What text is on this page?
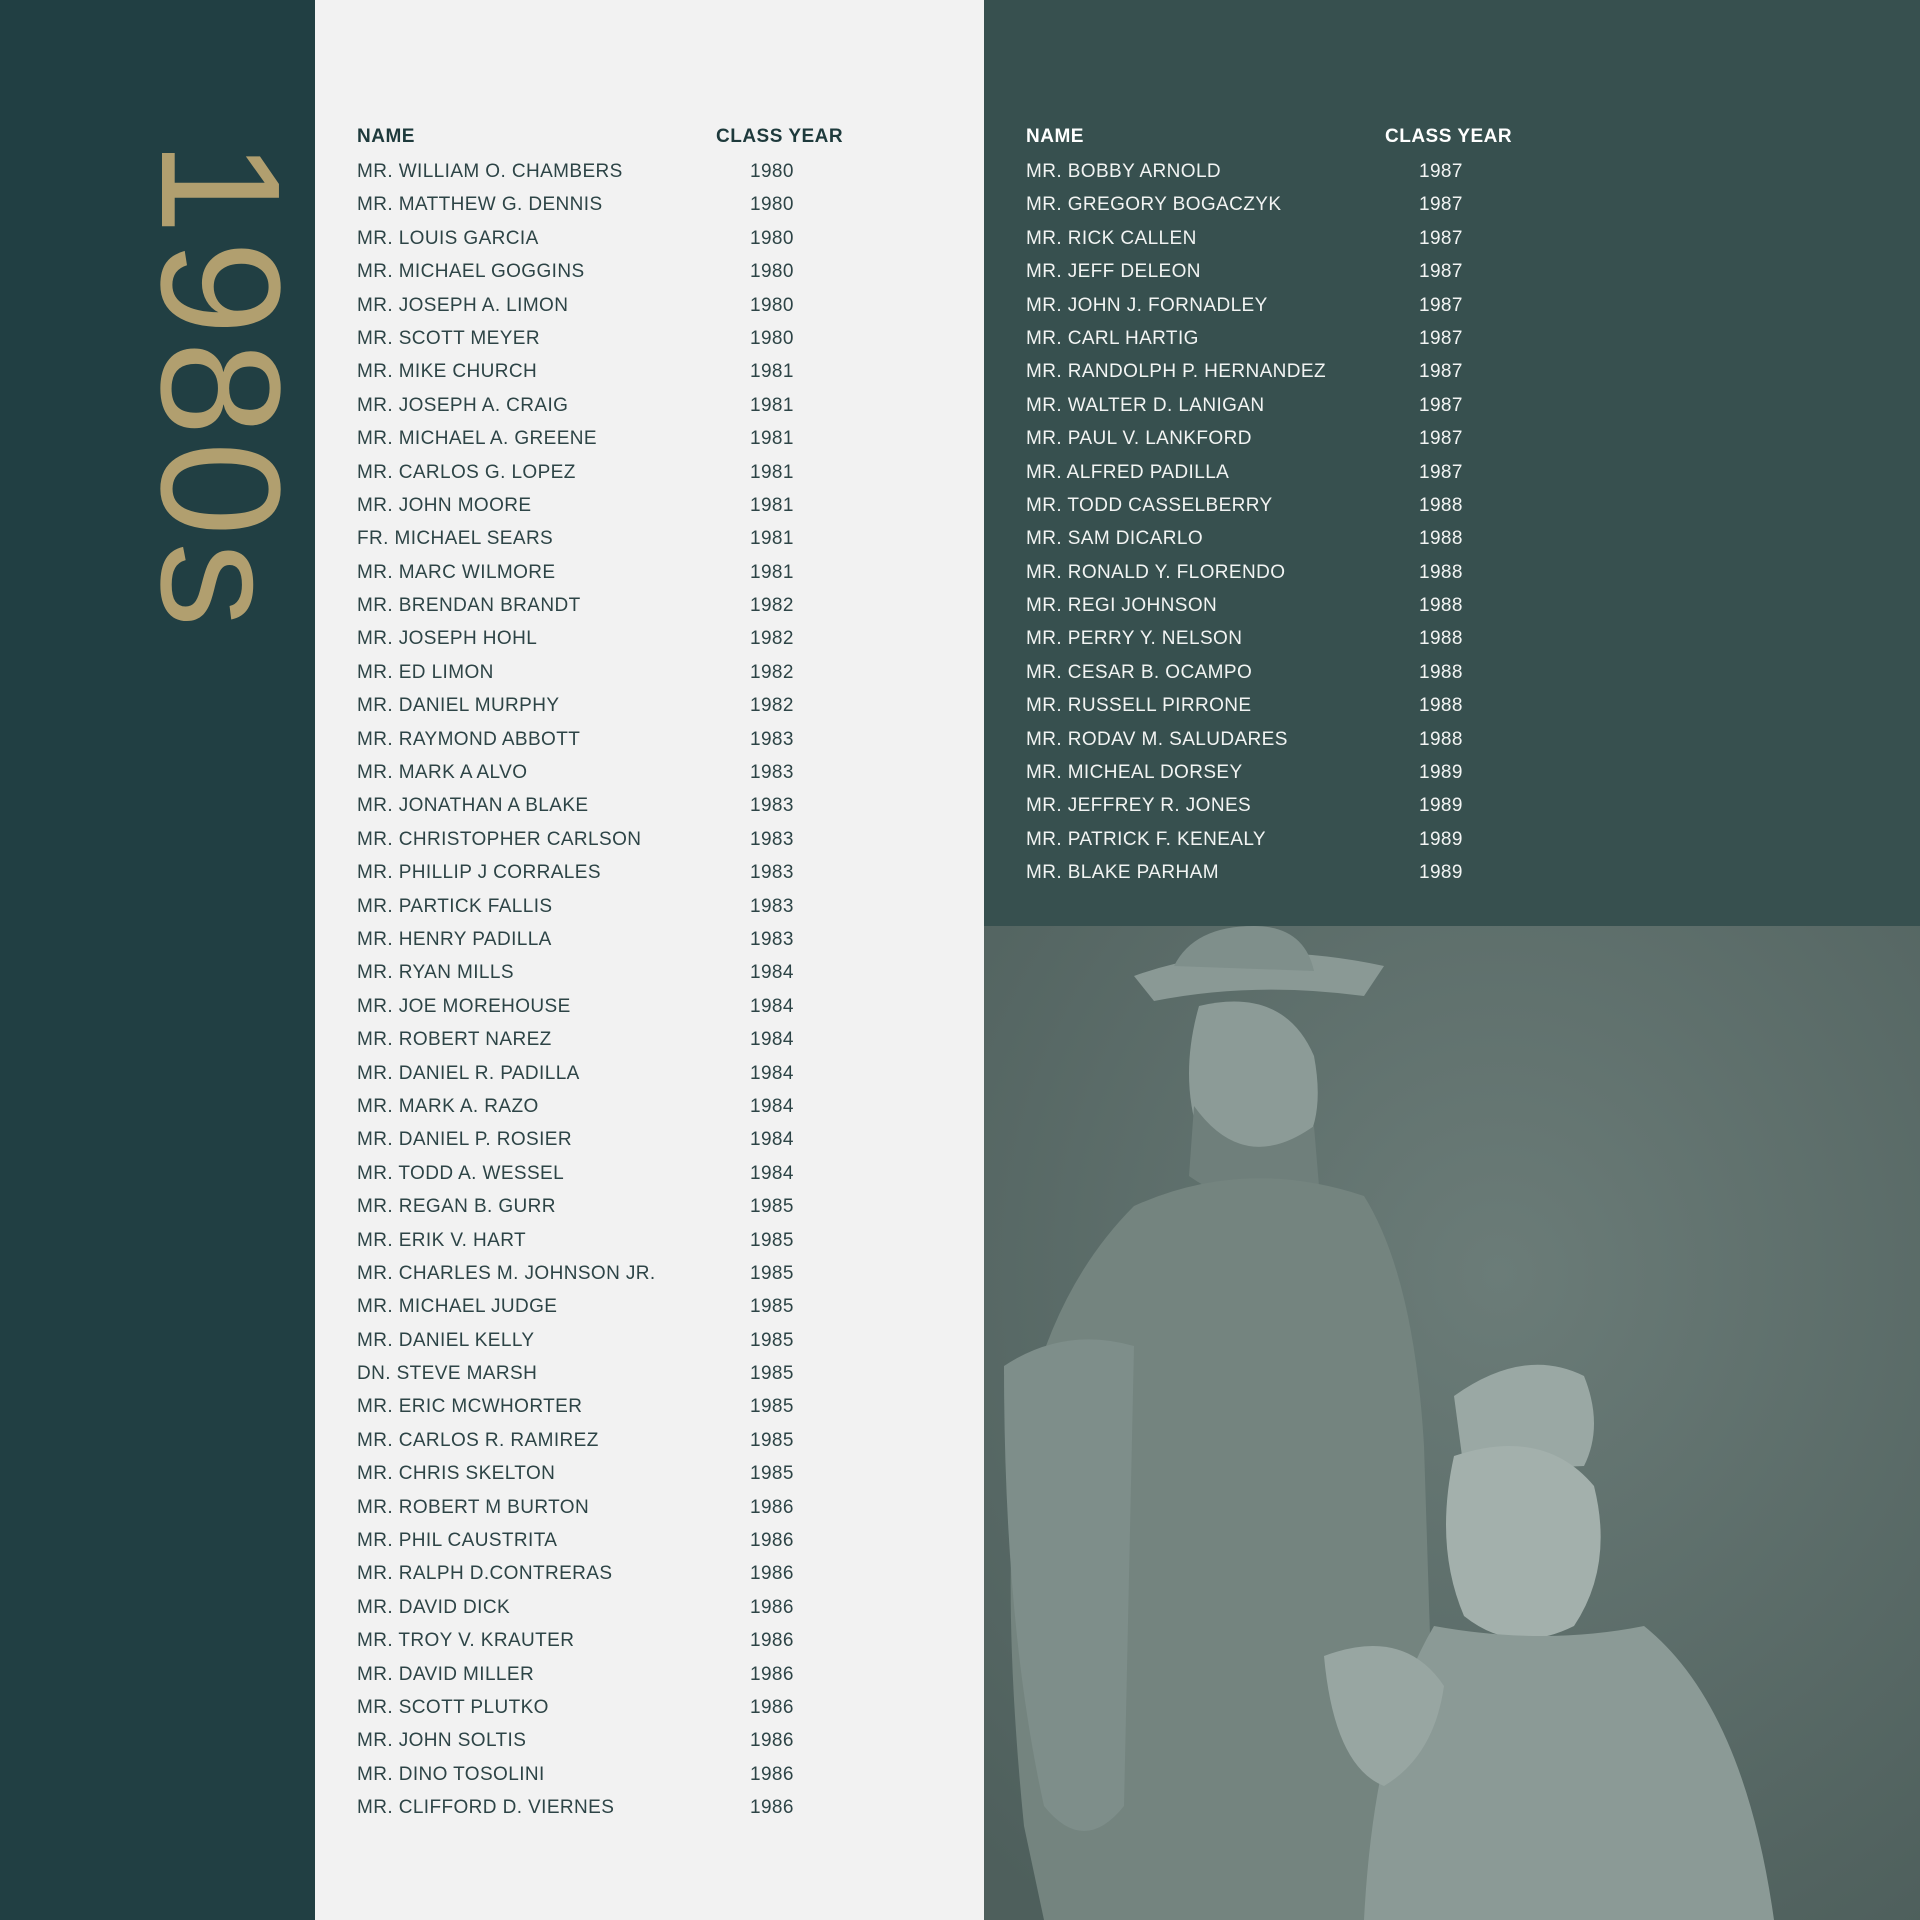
1980s
NAME	CLASS YEAR
MR. WILLIAM O. CHAMBERS	1980
MR. MATTHEW G. DENNIS	1980
MR. LOUIS GARCIA	1980
MR. MICHAEL GOGGINS	1980
MR. JOSEPH A. LIMON	1980
MR. SCOTT MEYER	1980
MR. MIKE CHURCH	1981
MR. JOSEPH A. CRAIG	1981
MR. MICHAEL A. GREENE	1981
MR. CARLOS G. LOPEZ	1981
MR. JOHN MOORE	1981
FR. MICHAEL SEARS	1981
MR. MARC WILMORE	1981
MR. BRENDAN BRANDT	1982
MR. JOSEPH HOHL	1982
MR. ED LIMON	1982
MR. DANIEL MURPHY	1982
MR. RAYMOND ABBOTT	1983
MR. MARK A ALVO	1983
MR. JONATHAN A BLAKE	1983
MR. CHRISTOPHER CARLSON	1983
MR. PHILLIP J CORRALES	1983
MR. PARTICK FALLIS	1983
MR. HENRY PADILLA	1983
MR. RYAN MILLS	1984
MR. JOE MOREHOUSE	1984
MR. ROBERT NAREZ	1984
MR. DANIEL R. PADILLA	1984
MR. MARK A. RAZO	1984
MR. DANIEL P. ROSIER	1984
MR. TODD A. WESSEL	1984
MR. REGAN B. GURR	1985
MR. ERIK V. HART	1985
MR. CHARLES M. JOHNSON JR.	1985
MR. MICHAEL JUDGE	1985
MR. DANIEL KELLY	1985
DN. STEVE MARSH	1985
MR. ERIC MCWHORTER	1985
MR. CARLOS R. RAMIREZ	1985
MR. CHRIS SKELTON	1985
MR. ROBERT M BURTON	1986
MR. PHIL CAUSTRITA	1986
MR. RALPH D.CONTRERAS	1986
MR. DAVID DICK	1986
MR. TROY V. KRAUTER	1986
MR. DAVID MILLER	1986
MR. SCOTT PLUTKO	1986
MR. JOHN SOLTIS	1986
MR. DINO TOSOLINI	1986
MR. CLIFFORD D. VIERNES	1986
NAME	CLASS YEAR
MR. BOBBY ARNOLD	1987
MR. GREGORY BOGACZYK	1987
MR. RICK CALLEN	1987
MR. JEFF DELEON	1987
MR. JOHN J. FORNADLEY	1987
MR. CARL HARTIG	1987
MR. RANDOLPH P. HERNANDEZ	1987
MR. WALTER D. LANIGAN	1987
MR. PAUL V. LANKFORD	1987
MR. ALFRED PADILLA	1987
MR. TODD CASSELBERRY	1988
MR. SAM DICARLO	1988
MR. RONALD Y. FLORENDO	1988
MR. REGI JOHNSON	1988
MR. PERRY Y. NELSON	1988
MR. CESAR B. OCAMPO	1988
MR. RUSSELL PIRRONE	1988
MR. RODAV M. SALUDARES	1988
MR. MICHEAL DORSEY	1989
MR. JEFFREY R. JONES	1989
MR. PATRICK F. KENEALY	1989
MR. BLAKE PARHAM	1989
